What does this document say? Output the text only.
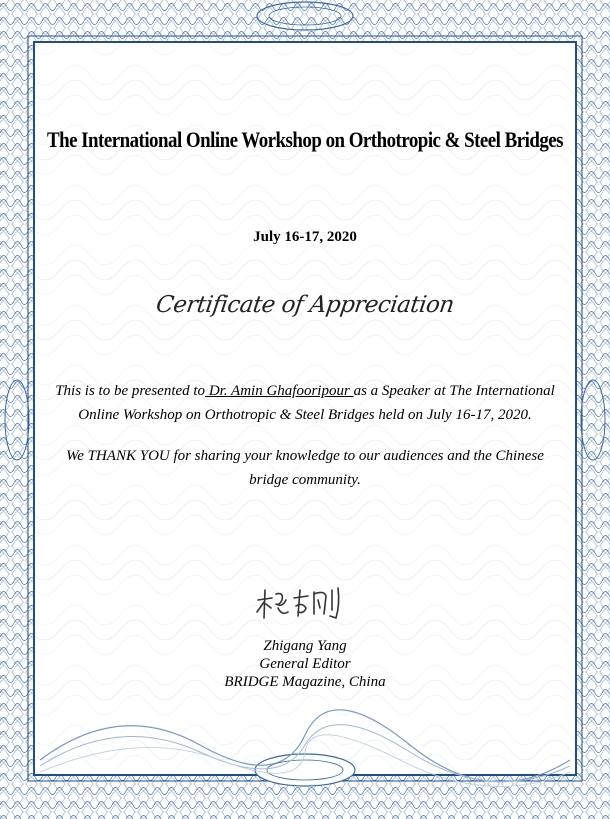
The International Online Workshop on Orthotropic & Steel Bridges
July 16-17, 2020
Certificate of Appreciation
This is to be presented to Dr. Amin Ghafooripour as a Speaker at The International Online Workshop on Orthotropic & Steel Bridges held on July 16-17, 2020.
We THANK YOU for sharing your knowledge to our audiences and the Chinese bridge community.
Zhigang Yang
General Editor
BRIDGE Magazine, China
